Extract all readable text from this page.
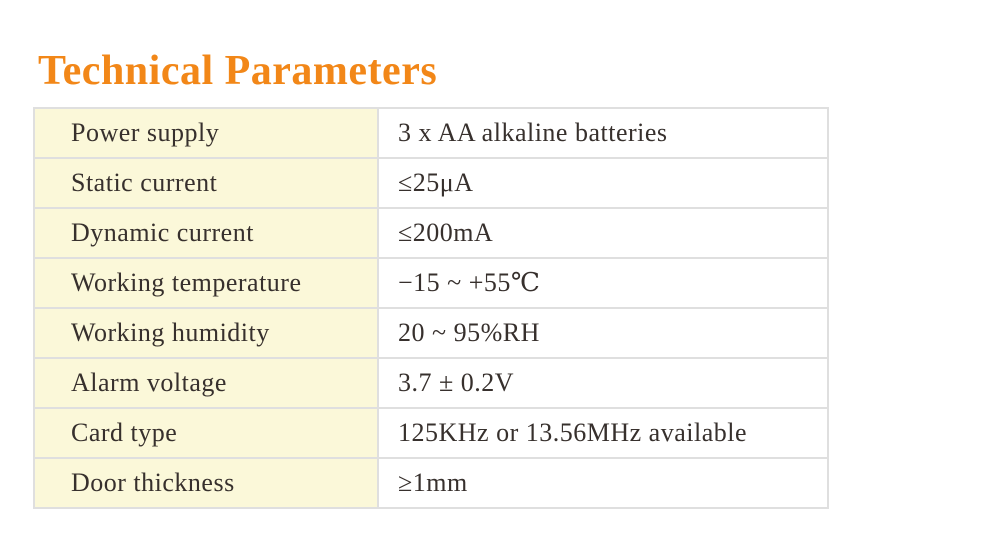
Technical Parameters
Power supply	3 x AA alkaline batteries
Static current	≤25μA
Dynamic current	≤200mA
Working temperature	−15 ~ +55℃
Working humidity	20 ~ 95%RH
Alarm voltage	3.7 ± 0.2V
Card type	125KHz or 13.56MHz available
Door thickness	≥1mm
